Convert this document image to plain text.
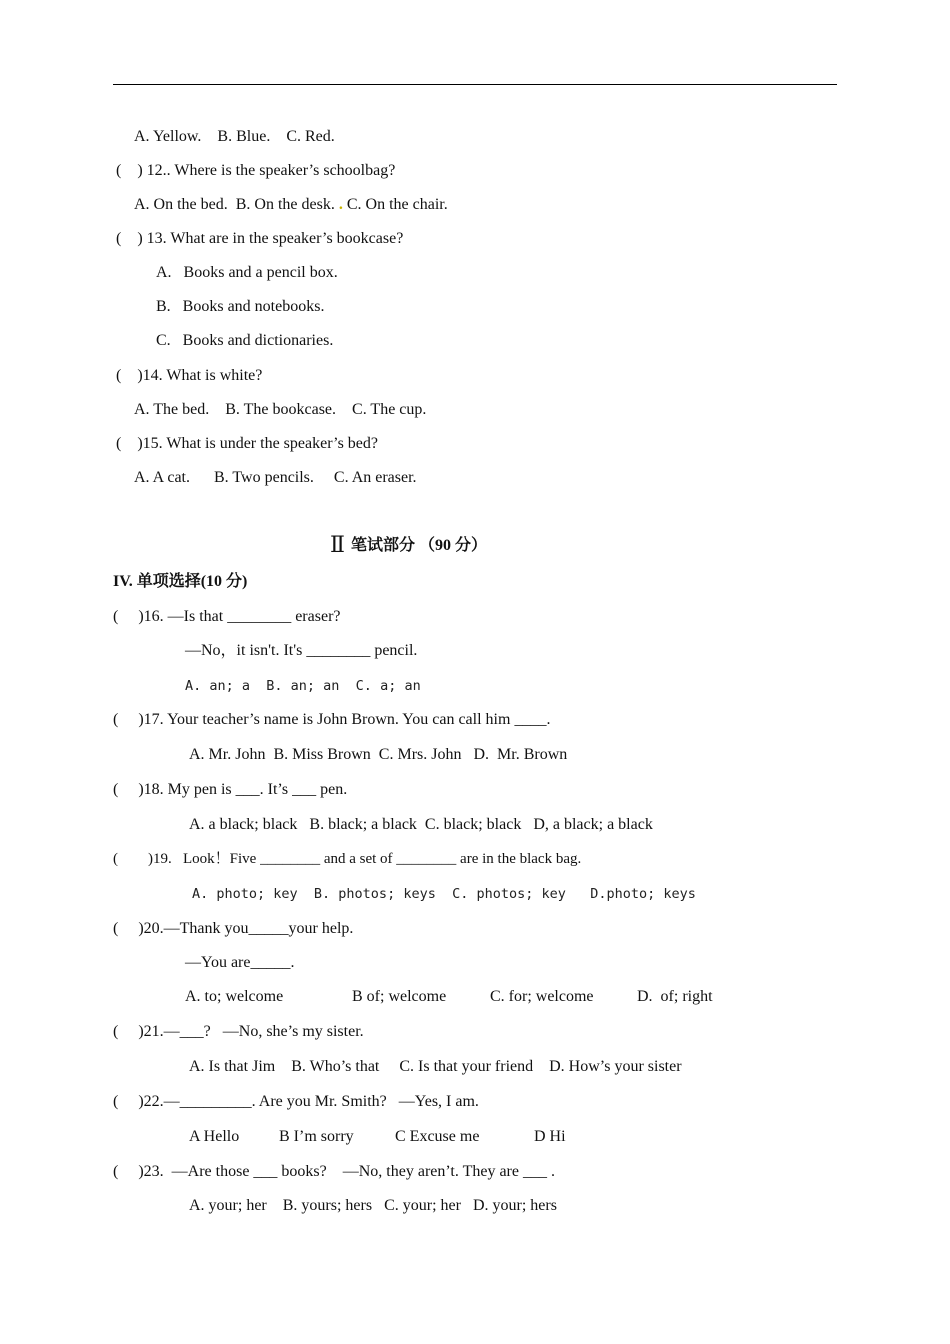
A. Yellow.    B. Blue.    C. Red.
(    ) 12.. Where is the speaker’s schoolbag?
A. On the bed.  B. On the desk. . C. On the chair.
(    ) 13. What are in the speaker’s bookcase?
A.   Books and a pencil box.
B.   Books and notebooks.
C.   Books and dictionaries.
(    )14. What is white?
A. The bed.    B. The bookcase.    C. The cup.
(    )15. What is under the speaker’s bed?
A. A cat.      B. Two pencils.     C. An eraser.
Ⅱ 笔试部分 （90 分）
IV. 单项选择(10 分)
(     )16. —Is that ________ eraser?
—No，it isn't. It's ________ pencil.
A. an; a  B. an; an  C. a; an
(     )17. Your teacher’s name is John Brown. You can call him ____.
A. Mr. John  B. Miss Brown  C. Mrs. John   D.  Mr. Brown
(     )18. My pen is ___. It’s ___ pen.
A. a black; black   B. black; a black  C. black; black   D, a black; a black
(        )19.   Look！Five ________ and a set of ________ are in the black bag.
A. photo; key  B. photos; keys  C. photos; key   D.photo; keys
(     )20.—Thank you_____your help.
—You are_____.
A. to; welcome	B of; welcome	C. for; welcome	D.  of; right
(     )21.—___?   —No, she’s my sister.
A. Is that Jim    B. Who’s that     C. Is that your friend    D. How’s your sister
(     )22.—_________. Are you Mr. Smith?   —Yes, I am.
A Hello B I’m sorry	C Excuse me	D Hi
(     )23.  —Are those ___ books?    —No, they aren’t. They are ___ .
A. your; her    B. yours; hers   C. your; her   D. your; hers
